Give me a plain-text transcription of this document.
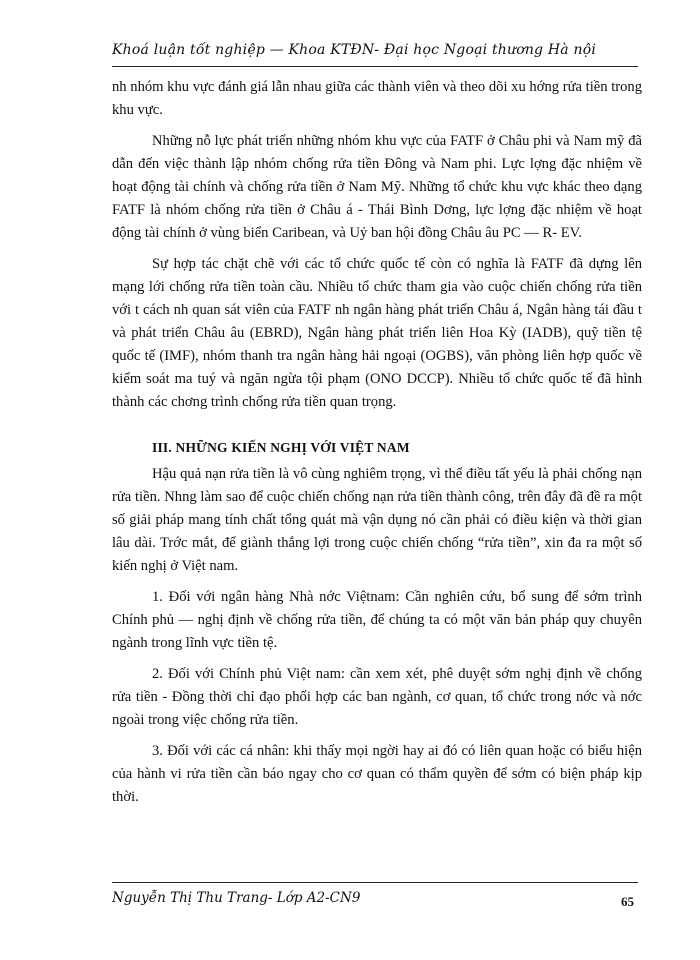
Khoá luận tốt nghiệp — Khoa KTĐN- Đại học Ngoại thương Hà nội

nh nhóm khu vực đánh giá lẫn nhau giữa các thành viên và theo dõi xu hớng rửa tiền trong khu vực.

Những nỗ lực phát triển những nhóm khu vực của FATF ở Châu phi và Nam mỹ đã dẫn đến việc thành lập nhóm chống rửa tiền Đông và Nam phi. Lực lợng đặc nhiệm về hoạt động tài chính và chống rửa tiền ở Nam Mỹ. Những tổ chức khu vực khác theo dạng FATF là nhóm chống rửa tiền ở Châu á - Thái Bình Dơng, lực lợng đặc nhiệm về hoạt động tài chính ở vùng biển Caribean, và Uỷ ban hội đồng Châu âu PC — R- EV.

Sự hợp tác chặt chẽ với các tổ chức quốc tế còn có nghĩa là FATF đã dựng lên mạng lới chống rửa tiền toàn cầu. Nhiều tổ chức tham gia vào cuộc chiến chống rửa tiền với t cách nh quan sát viên của FATF nh ngân hàng phát triển Châu á, Ngân hàng tái đầu t và phát triển Châu âu (EBRD), Ngân hàng phát triển liên Hoa Kỳ (IADB), quỹ tiền tệ quốc tế (IMF), nhóm thanh tra ngân hàng hải ngoại (OGBS), văn phòng liên hợp quốc về kiểm soát ma tuý và ngăn ngừa tội phạm (ONO DCCP). Nhiều tổ chức quốc tế đã hình thành các chơng trình chống rửa tiền quan trọng.

III. NHỮNG KIẾN NGHỊ VỚI VIỆT NAM

Hậu quả nạn rửa tiền là vô cùng nghiêm trọng, vì thế điều tất yếu là phải chống nạn rửa tiền. Nhng làm sao để cuộc chiến chống nạn rửa tiền thành công, trên đây đã đề ra một số giải pháp mang tính chất tổng quát mà vận dụng nó cần phải có điều kiện và thời gian lâu dài. Trớc mắt, để giành thắng lợi trong cuộc chiến chống “rửa tiền”, xin đa ra một số kiến nghị ở Việt nam.

1. Đối với ngân hàng Nhà nớc Việtnam: Cần nghiên cứu, bổ sung để sớm trình Chính phủ — nghị định về chống rửa tiền, để chúng ta có một văn bản pháp quy chuyên ngành trong lĩnh vực tiền tệ.

2. Đối với Chính phủ Việt nam: cần xem xét, phê duyệt sớm nghị định về chống rửa tiền - Đồng thời chỉ đạo phối hợp các ban ngành, cơ quan, tổ chức trong nớc và nớc ngoài trong việc chống rửa tiền.

3. Đối với các cá nhân: khi thấy mọi ngời hay ai đó có liên quan hoặc có biểu hiện của hành vi rửa tiền cần báo ngay cho cơ quan có thẩm quyền để sớm có biện pháp kịp thời.

Nguyễn Thị Thu Trang- Lớp A2-CN9	65
